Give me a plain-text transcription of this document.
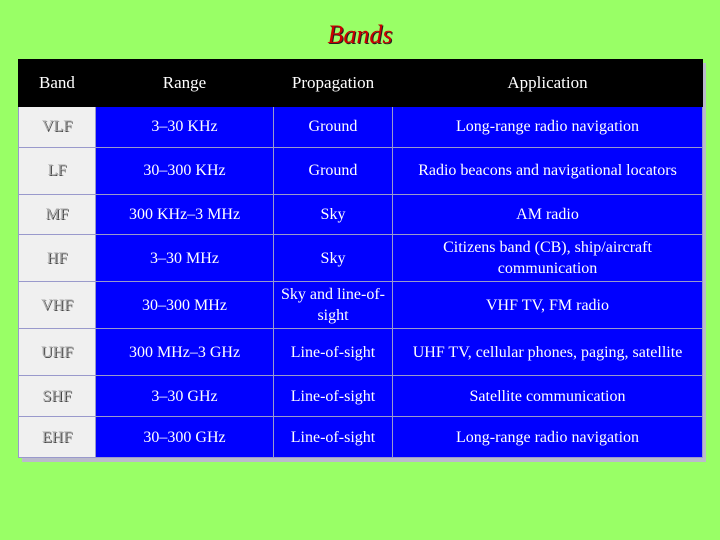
Bands
Band	Range	Propagation	Application
VLF	3–30 KHz	Ground	Long-range radio navigation
LF	30–300 KHz	Ground	Radio beacons and navigational locators
MF	300 KHz–3 MHz	Sky	AM radio
HF	3–30 MHz	Sky	Citizens band (CB), ship/aircraft communication
VHF	30–300 MHz	Sky and line-of-sight	VHF TV, FM radio
UHF	300 MHz–3 GHz	Line-of-sight	UHF TV, cellular phones, paging, satellite
SHF	3–30 GHz	Line-of-sight	Satellite communication
EHF	30–300 GHz	Line-of-sight	Long-range radio navigation
